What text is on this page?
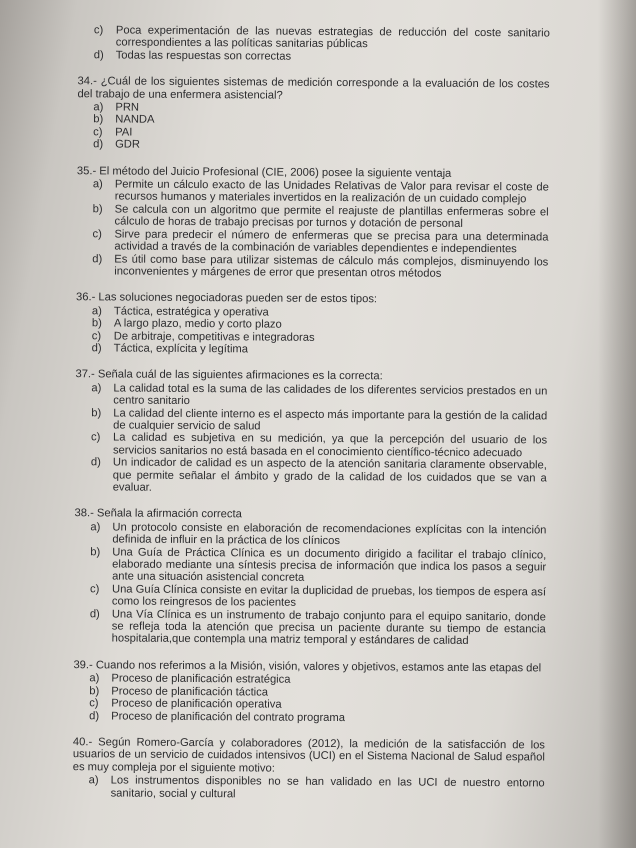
c)	Poca experimentación de las nuevas estrategias de reducción del coste sanitario correspondientes a las políticas sanitarias públicas
d)	Todas las respuestas son correctas
34.- ¿Cuál de los siguientes sistemas de medición corresponde a la evaluación de los costes del trabajo de una enfermera asistencial?
a)	PRN
b)	NANDA
c)	PAI
d)	GDR
35.- El método del Juicio Profesional (CIE, 2006) posee la siguiente ventaja
a)	Permite un cálculo exacto de las Unidades Relativas de Valor para revisar el coste de recursos humanos y materiales invertidos en la realización de un cuidado complejo
b)	Se calcula con un algoritmo que permite el reajuste de plantillas enfermeras sobre el cálculo de horas de trabajo precisas por turnos y dotación de personal
c)	Sirve para predecir el número de enfermeras que se precisa para una determinada actividad a través de la combinación de variables dependientes e independientes
d)	Es útil como base para utilizar sistemas de cálculo más complejos, disminuyendo los inconvenientes y márgenes de error que presentan otros métodos
36.- Las soluciones negociadoras pueden ser de estos tipos:
a)	Táctica, estratégica y operativa
b)	A largo plazo, medio y corto plazo
c)	De arbitraje, competitivas e integradoras
d)	Táctica, explícita y legítima
37.- Señala cuál de las siguientes afirmaciones es la correcta:
a)	La calidad total es la suma de las calidades de los diferentes servicios prestados en un centro sanitario
b)	La calidad del cliente interno es el aspecto más importante para la gestión de la calidad de cualquier servicio de salud
c)	La calidad es subjetiva en su medición, ya que la percepción del usuario de los servicios sanitarios no está basada en el conocimiento científico-técnico adecuado
d)	Un indicador de calidad es un aspecto de la atención sanitaria claramente observable, que permite señalar el ámbito y grado de la calidad de los cuidados que se van a evaluar.
38.- Señala la afirmación correcta
a)	Un protocolo consiste en elaboración de recomendaciones explícitas con la intención definida de influir en la práctica de los clínicos
b)	Una Guía de Práctica Clínica es un documento dirigido a facilitar el trabajo clínico, elaborado mediante una síntesis precisa de información que indica los pasos a seguir ante una situación asistencial concreta
c)	Una Guía Clínica consiste en evitar la duplicidad de pruebas, los tiempos de espera así como los reingresos de los pacientes
d)	Una Vía Clínica es un instrumento de trabajo conjunto para el equipo sanitario, donde se refleja toda la atención que precisa un paciente durante su tiempo de estancia hospitalaria,que contempla una matriz temporal y estándares de calidad
39.- Cuando nos referimos a la Misión, visión, valores y objetivos, estamos ante las etapas del
a)	Proceso de planificación estratégica
b)	Proceso de planificación táctica
c)	Proceso de planificación operativa
d)	Proceso de planificación del contrato programa
40.- Según Romero-García y colaboradores (2012), la medición de la satisfacción de los usuarios de un servicio de cuidados intensivos (UCI) en el Sistema Nacional de Salud español es muy compleja por el siguiente motivo:
a)	Los instrumentos disponibles no se han validado en las UCI de nuestro entorno sanitario, social y cultural
